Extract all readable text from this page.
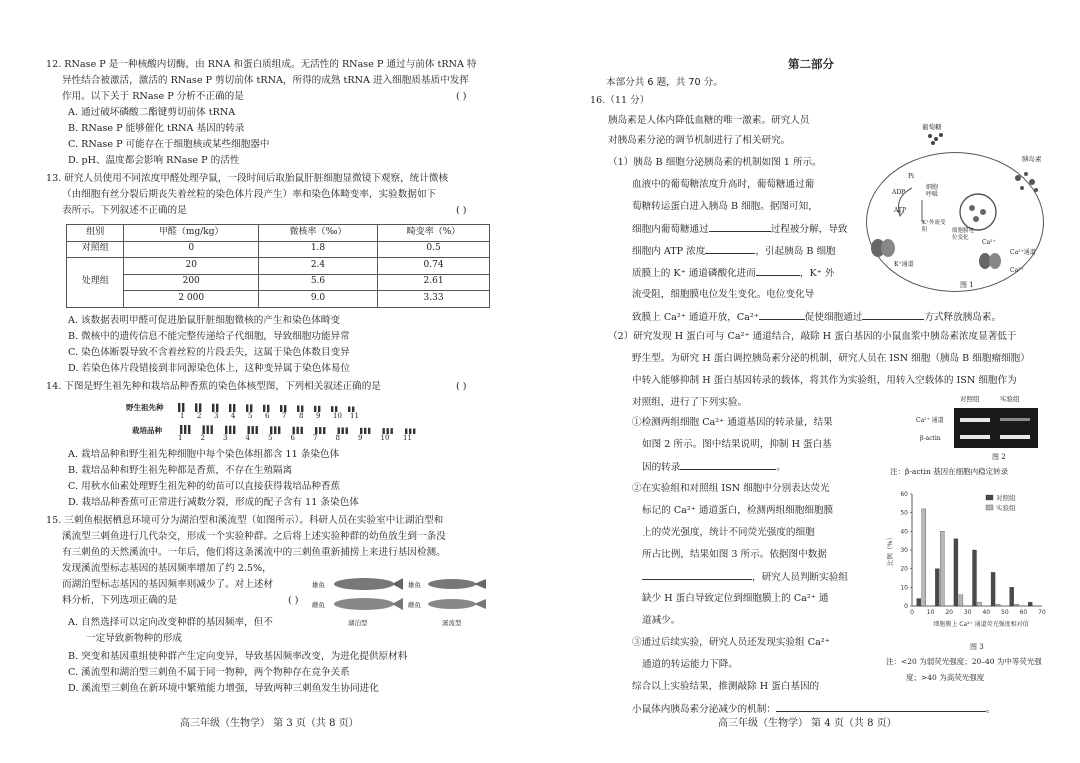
12. RNase P 是一种核酸内切酶，由 RNA 和蛋白质组成。无活性的 RNase P 通过与前体 tRNA 特
异性结合被激活，激活的 RNase P 剪切前体 tRNA，所得的成熟 tRNA 进入细胞质基质中发挥
作用。以下关于 RNase P 分析不正确的是	( )
A. 通过破坏磷酸二酯键剪切前体 tRNA
B. RNase P 能够催化 tRNA 基因的转录
C. RNase P 可能存在于细胞核或某些细胞器中
D. pH、温度都会影响 RNase P 的活性
13. 研究人员使用不同浓度甲醛处理孕鼠，一段时间后取胎鼠肝脏细胞显微镜下观察，统计微核
（由细胞有丝分裂后期丧失着丝粒的染色体片段产生）率和染色体畸变率，实验数据如下
表所示。下列叙述不正确的是	( )
组别	甲醛（mg/kg）	微核率（‰）	畸变率（%）
对照组	0	1.8	0.5
处理组	20	2.4	0.74
	200	5.6	2.61
	2 000	9.0	3.33
A. 该数据表明甲醛可促进胎鼠肝脏细胞微核的产生和染色体畸变
B. 微核中的遗传信息不能完整传递给子代细胞，导致细胞功能异常
C. 染色体断裂导致不含着丝粒的片段丢失，这属于染色体数目变异
D. 若染色体片段错接到非同源染色体上，这种变异属于染色体易位
14. 下图是野生祖先种和栽培品种香蕉的染色体核型图，下列相关叙述正确的是	( )
野生祖先种
1 2 3 4 5 6 7 8 9 10 11
栽培品种
1	2	3	4	5	6	7	8	9	10 11
A. 栽培品种和野生祖先种细胞中每个染色体组都含 11 条染色体
B. 栽培品种和野生祖先种都是香蕉，不存在生殖隔离
C. 用秋水仙素处理野生祖先种的幼苗可以直接获得栽培品种香蕉
D. 栽培品种香蕉可正常进行减数分裂，形成的配子含有 11 条染色体
15. 三刺鱼根据栖息环境可分为湖泊型和溪流型（如图所示）。科研人员在实验室中让湖泊型和
溪流型三刺鱼进行几代杂交，形成一个实验种群。之后将上述实验种群的幼鱼放生到一条没
有三刺鱼的天然溪流中。一年后，他们将这条溪流中的三刺鱼重新捕捞上来进行基因检测。
发现溪流型标志基因的基因频率增加了约 2.5%，
而湖泊型标志基因的基因频率则减少了。对上述材
料分析，下列选项正确的是	( )
雄鱼
雌鱼
雄鱼
雌鱼
湖泊型	溪流型
A. 自然选择可以定向改变种群的基因频率，但不
一定导致新物种的形成
B. 突变和基因重组使种群产生定向变异，导致基因频率改变，为进化提供原材料
C. 溪流型和湖泊型三刺鱼不属于同一物种，两个物种存在竞争关系
D. 溪流型三刺鱼在新环境中繁殖能力增强，导致两种三刺鱼发生协同进化
高三年级（生物学） 第 3 页（共 8 页）
第二部分
本部分共 6 题，共 70 分。
16.（11 分）
胰岛素是人体内降低血糖的唯一激素。研究人员
对胰岛素分泌的调节机制进行了相关研究。
（1）胰岛 B 细胞分泌胰岛素的机制如图 1 所示。
血液中的葡萄糖浓度升高时，葡萄糖通过葡
萄糖转运蛋白进入胰岛 B 细胞。据图可知，
细胞内葡萄糖通过	过程被分解，导致
细胞内 ATP 浓度	，引起胰岛 B 细胞
质膜上的 K⁺ 通道磷酸化进而	，K⁺ 外
流受阻，细胞膜电位发生变化。电位变化导
致膜上 Ca²⁺ 通道开放，Ca²⁺	促使细胞通过	方式释放胰岛素。
葡萄糖
胰岛素
Pi
ADP
细胞呼吸
ATP
K⁺外流受阻	细胞膜电位变化
K⁺通道
Ca²⁺
Ca²⁺通道
Ca²⁺
图 1
（2）研究发现 H 蛋白可与 Ca²⁺ 通道结合，敲除 H 蛋白基因的小鼠血浆中胰岛素浓度显著低于
野生型。为研究 H 蛋白调控胰岛素分泌的机制，研究人员在 ISN 细胞（胰岛 B 细胞瘤细胞）
中转入能够抑制 H 蛋白基因转录的载体，将其作为实验组，用转入空载体的 ISN 细胞作为
对照组，进行了下列实验。
①检测两组细胞 Ca²⁺ 通道基因的转录量，结果
如图 2 所示。图中结果说明，抑制 H 蛋白基
因的转录	。
对照组	实验组
Ca²⁺ 通道
β-actin
图 2
注：β-actin 基因在细胞内稳定转录
②在实验组和对照组 ISN 细胞中分别表达荧光
标记的 Ca²⁺ 通道蛋白，检测两组细胞细胞膜
上的荧光强度，统计不同荧光强度的细胞
所占比例，结果如图 3 所示。依据图中数据
，研究人员判断实验组
缺少 H 蛋白导致定位到细胞膜上的 Ca²⁺ 通
道减少。
0
10
20
30
40
50
60
0 10 20 30 40 50 60 70
对照组
实验组
比例（%）
细胞膜上 Ca²⁺ 通道荧光强度相对值
图 3
注：<20 为弱荧光强度；20–40 为中等荧光强
度；>40 为高荧光强度
③通过后续实验，研究人员还发现实验组 Ca²⁺
通道的转运能力下降。
综合以上实验结果，推测敲除 H 蛋白基因的
小鼠体内胰岛素分泌减少的机制：	。
高三年级（生物学） 第 4 页（共 8 页）
